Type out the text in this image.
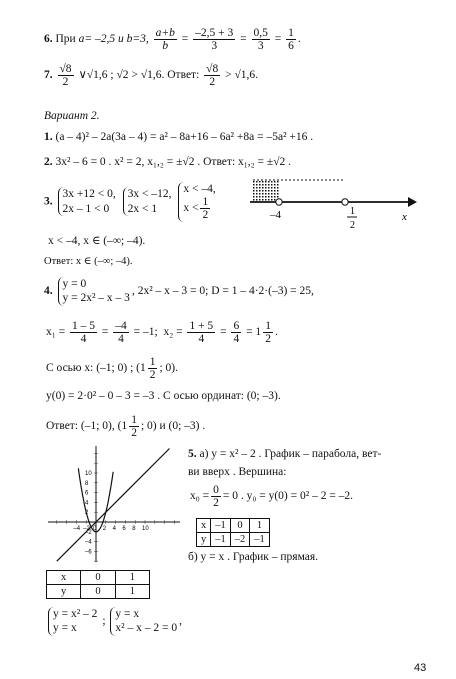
6. При a= –2,5 и b=3, $\frac{a+b}{b} = \frac{-2,5 + 3}{3} = \frac{0,5}{3} = \frac{1}{6}$ .
7. $\frac{√8}{2}$ ∨√1,6 ; √2 > √1,6. Ответ: $\frac{√8}{2} > √1,6$.
Вариант 2.
1. (a – 4)² – 2a(3a – 4) = a² – 8a+16 – 6a² +8a = –5a² +16 .
2. 3x² – 6 = 0 . x² = 2, x₁,₂ = ±√2 . Ответ: x₁,₂ = ±√2 .
3.
3x +12 < 0,
2x – 1 < 0

3x < –12,
2x < 1

x < –4,
$x < \frac{1}{2}$	–4	1
2
x
x < –4, x ∈ (–∞; –4).
Ответ: x ∈ (–∞; –4).
4.
y = 0
y = 2x² – x – 3
, 2x² – x – 3 = 0; D = 1 – 4·2·(–3) = 25,
$x_1 = \frac{1 - 5}{4} = \frac{-4}{4} = -1$; $x_2 = \frac{1 + 5}{4} = \frac{6}{4} = 1 \frac{1}{2}$ .
С осью x: (–1; 0) ; ($1 \frac{1}{2}$ ; 0).
y(0) = 2·0² – 0 – 3 = –3 . С осью ординат: (0; –3).
Ответ: (–1; 0), ($1 \frac{1}{2}$ ; 0) и (0; –3) .
–4 –2 0 2 4 6 8 10
10
8
6
4
2
–2
–4
–6
5. а) y = x² – 2 . График – парабола, вет-
ви вверх . Вершина:
$x_0 = \frac{0}{2} = 0$ . y₀ = y(0) = 0² – 2 = –2.
x	–1	0	1
y	–1	–2	–1
б) y = x . График – прямая.
x	0	1
y	0	1
y = x² – 2
y = x
;
y = x
x² – x – 2 = 0
,
43
